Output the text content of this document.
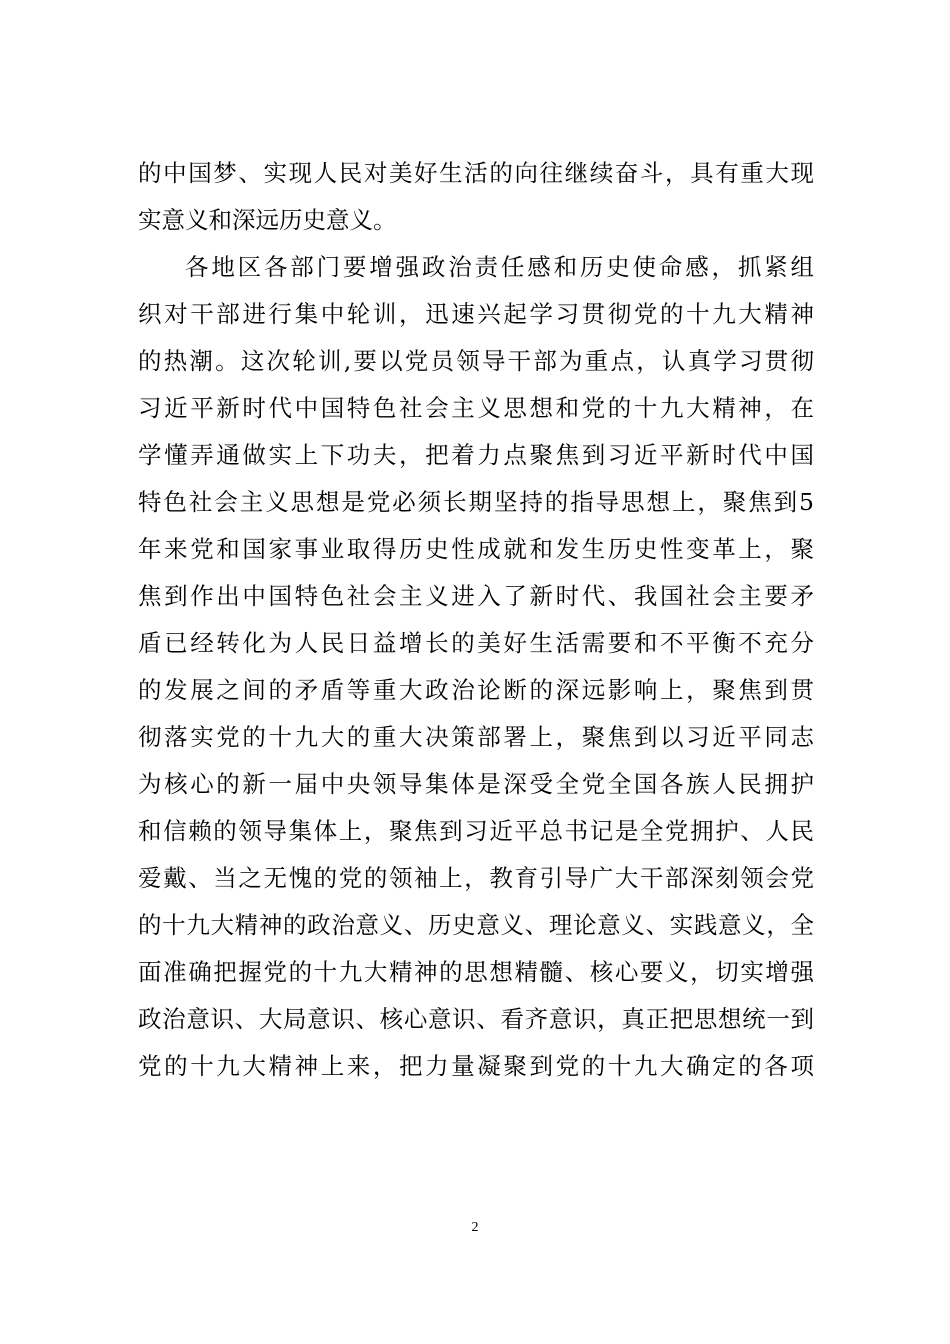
的中国梦、实现人民对美好生活的向往继续奋斗，具有重大现
实意义和深远历史意义。
各地区各部门要增强政治责任感和历史使命感，抓紧组
织对干部进行集中轮训，迅速兴起学习贯彻党的十九大精神
的热潮。这次轮训,要以党员领导干部为重点，认真学习贯彻
习近平新时代中国特色社会主义思想和党的十九大精神，在
学懂弄通做实上下功夫，把着力点聚焦到习近平新时代中国
特色社会主义思想是党必须长期坚持的指导思想上，聚焦到5
年来党和国家事业取得历史性成就和发生历史性变革上，聚
焦到作出中国特色社会主义进入了新时代、我国社会主要矛
盾已经转化为人民日益增长的美好生活需要和不平衡不充分
的发展之间的矛盾等重大政治论断的深远影响上，聚焦到贯
彻落实党的十九大的重大决策部署上，聚焦到以习近平同志
为核心的新一届中央领导集体是深受全党全国各族人民拥护
和信赖的领导集体上，聚焦到习近平总书记是全党拥护、人民
爱戴、当之无愧的党的领袖上，教育引导广大干部深刻领会党
的十九大精神的政治意义、历史意义、理论意义、实践意义，全
面准确把握党的十九大精神的思想精髓、核心要义，切实增强
政治意识、大局意识、核心意识、看齐意识，真正把思想统一到
党的十九大精神上来，把力量凝聚到党的十九大确定的各项
2
